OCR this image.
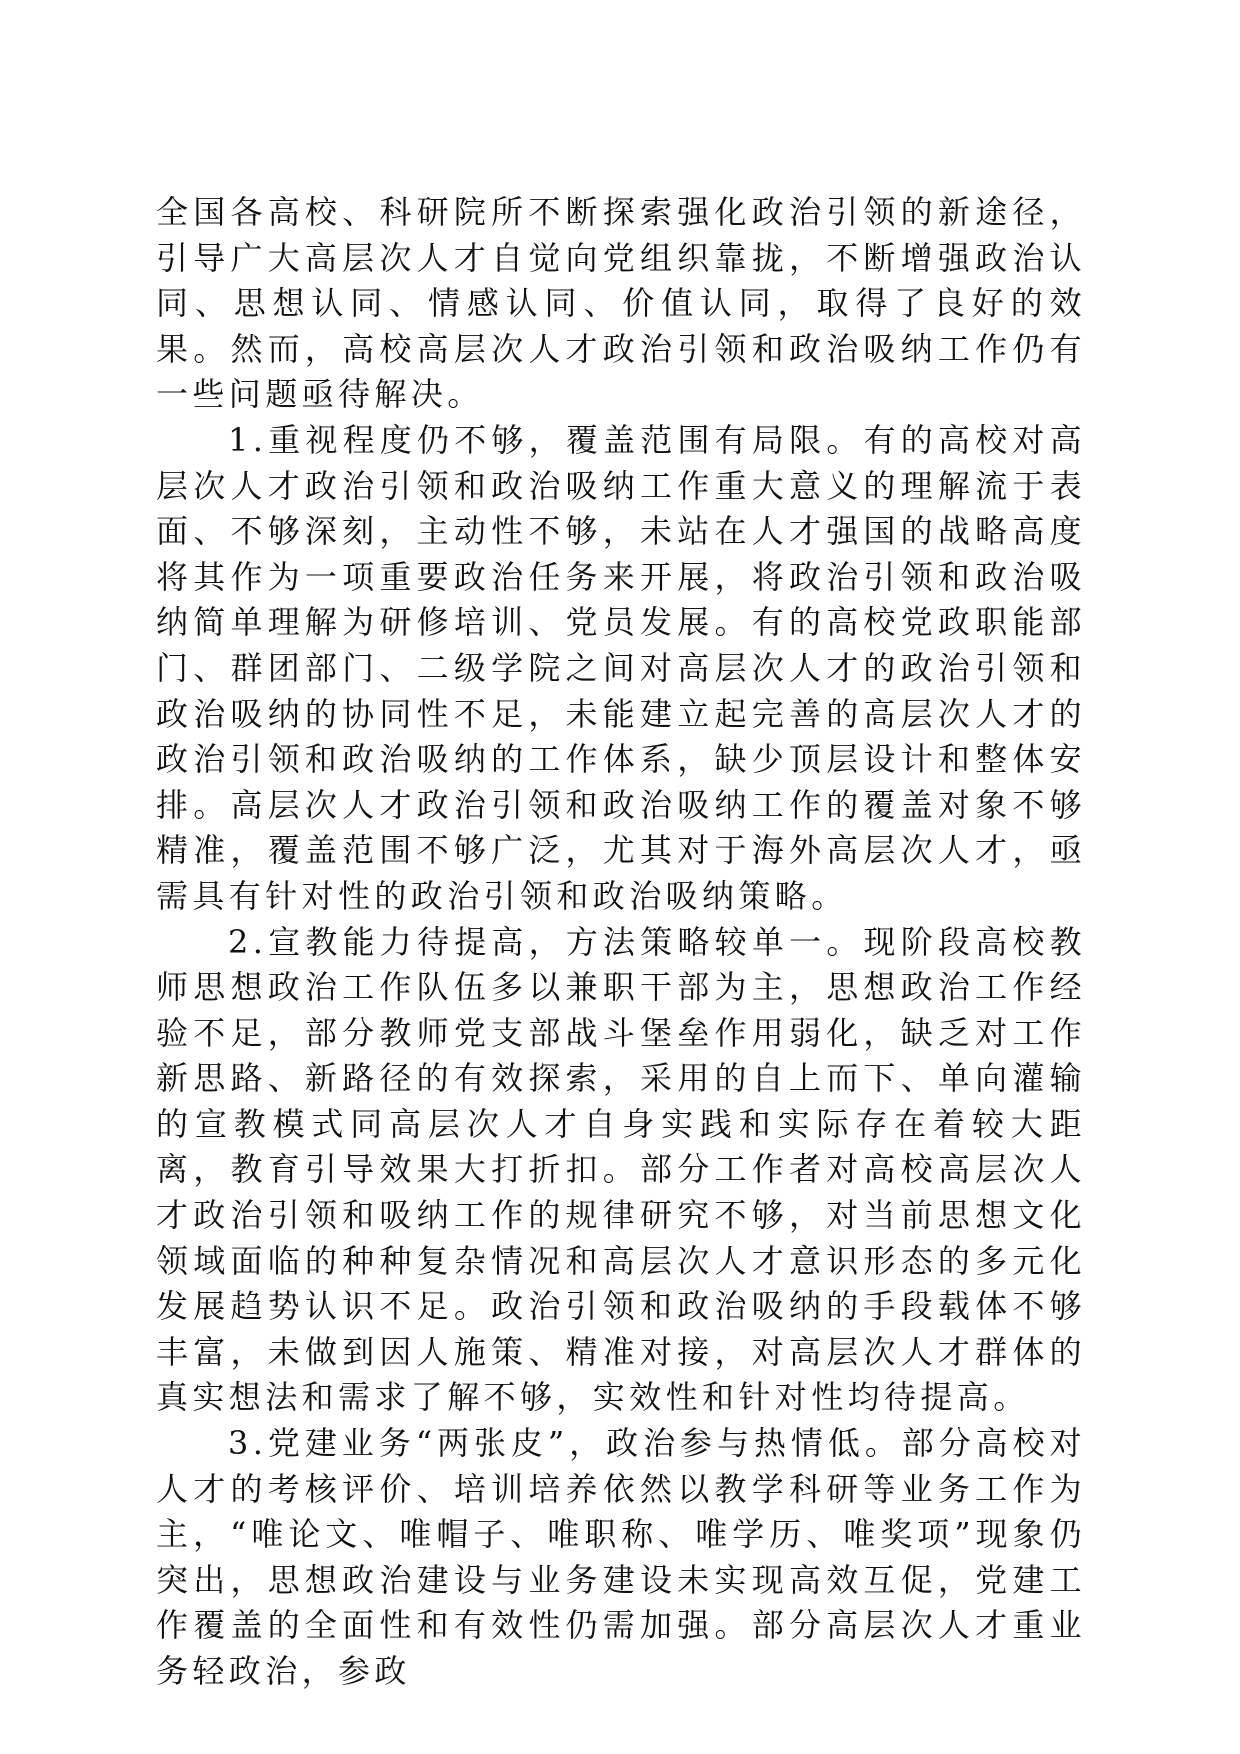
全国各高校、科研院所不断探索强化政治引领的新途径，引导广大高层次人才自觉向党组织靠拢，不断增强政治认同、思想认同、情感认同、价值认同，取得了良好的效果。然而，高校高层次人才政治引领和政治吸纳工作仍有一些问题亟待解决。

1.重视程度仍不够，覆盖范围有局限。有的高校对高层次人才政治引领和政治吸纳工作重大意义的理解流于表面、不够深刻，主动性不够，未站在人才强国的战略高度将其作为一项重要政治任务来开展，将政治引领和政治吸纳简单理解为研修培训、党员发展。有的高校党政职能部门、群团部门、二级学院之间对高层次人才的政治引领和政治吸纳的协同性不足，未能建立起完善的高层次人才的政治引领和政治吸纳的工作体系，缺少顶层设计和整体安排。高层次人才政治引领和政治吸纳工作的覆盖对象不够精准，覆盖范围不够广泛，尤其对于海外高层次人才，亟需具有针对性的政治引领和政治吸纳策略。

2.宣教能力待提高，方法策略较单一。现阶段高校教师思想政治工作队伍多以兼职干部为主，思想政治工作经验不足，部分教师党支部战斗堡垒作用弱化，缺乏对工作新思路、新路径的有效探索，采用的自上而下、单向灌输的宣教模式同高层次人才自身实践和实际存在着较大距离，教育引导效果大打折扣。部分工作者对高校高层次人才政治引领和吸纳工作的规律研究不够，对当前思想文化领域面临的种种复杂情况和高层次人才意识形态的多元化发展趋势认识不足。政治引领和政治吸纳的手段载体不够丰富，未做到因人施策、精准对接，对高层次人才群体的真实想法和需求了解不够，实效性和针对性均待提高。

3.党建业务“两张皮”，政治参与热情低。部分高校对人才的考核评价、培训培养依然以教学科研等业务工作为主，“唯论文、唯帽子、唯职称、唯学历、唯奖项”现象仍突出，思想政治建设与业务建设未实现高效互促，党建工作覆盖的全面性和有效性仍需加强。部分高层次人才重业务轻政治，参政
